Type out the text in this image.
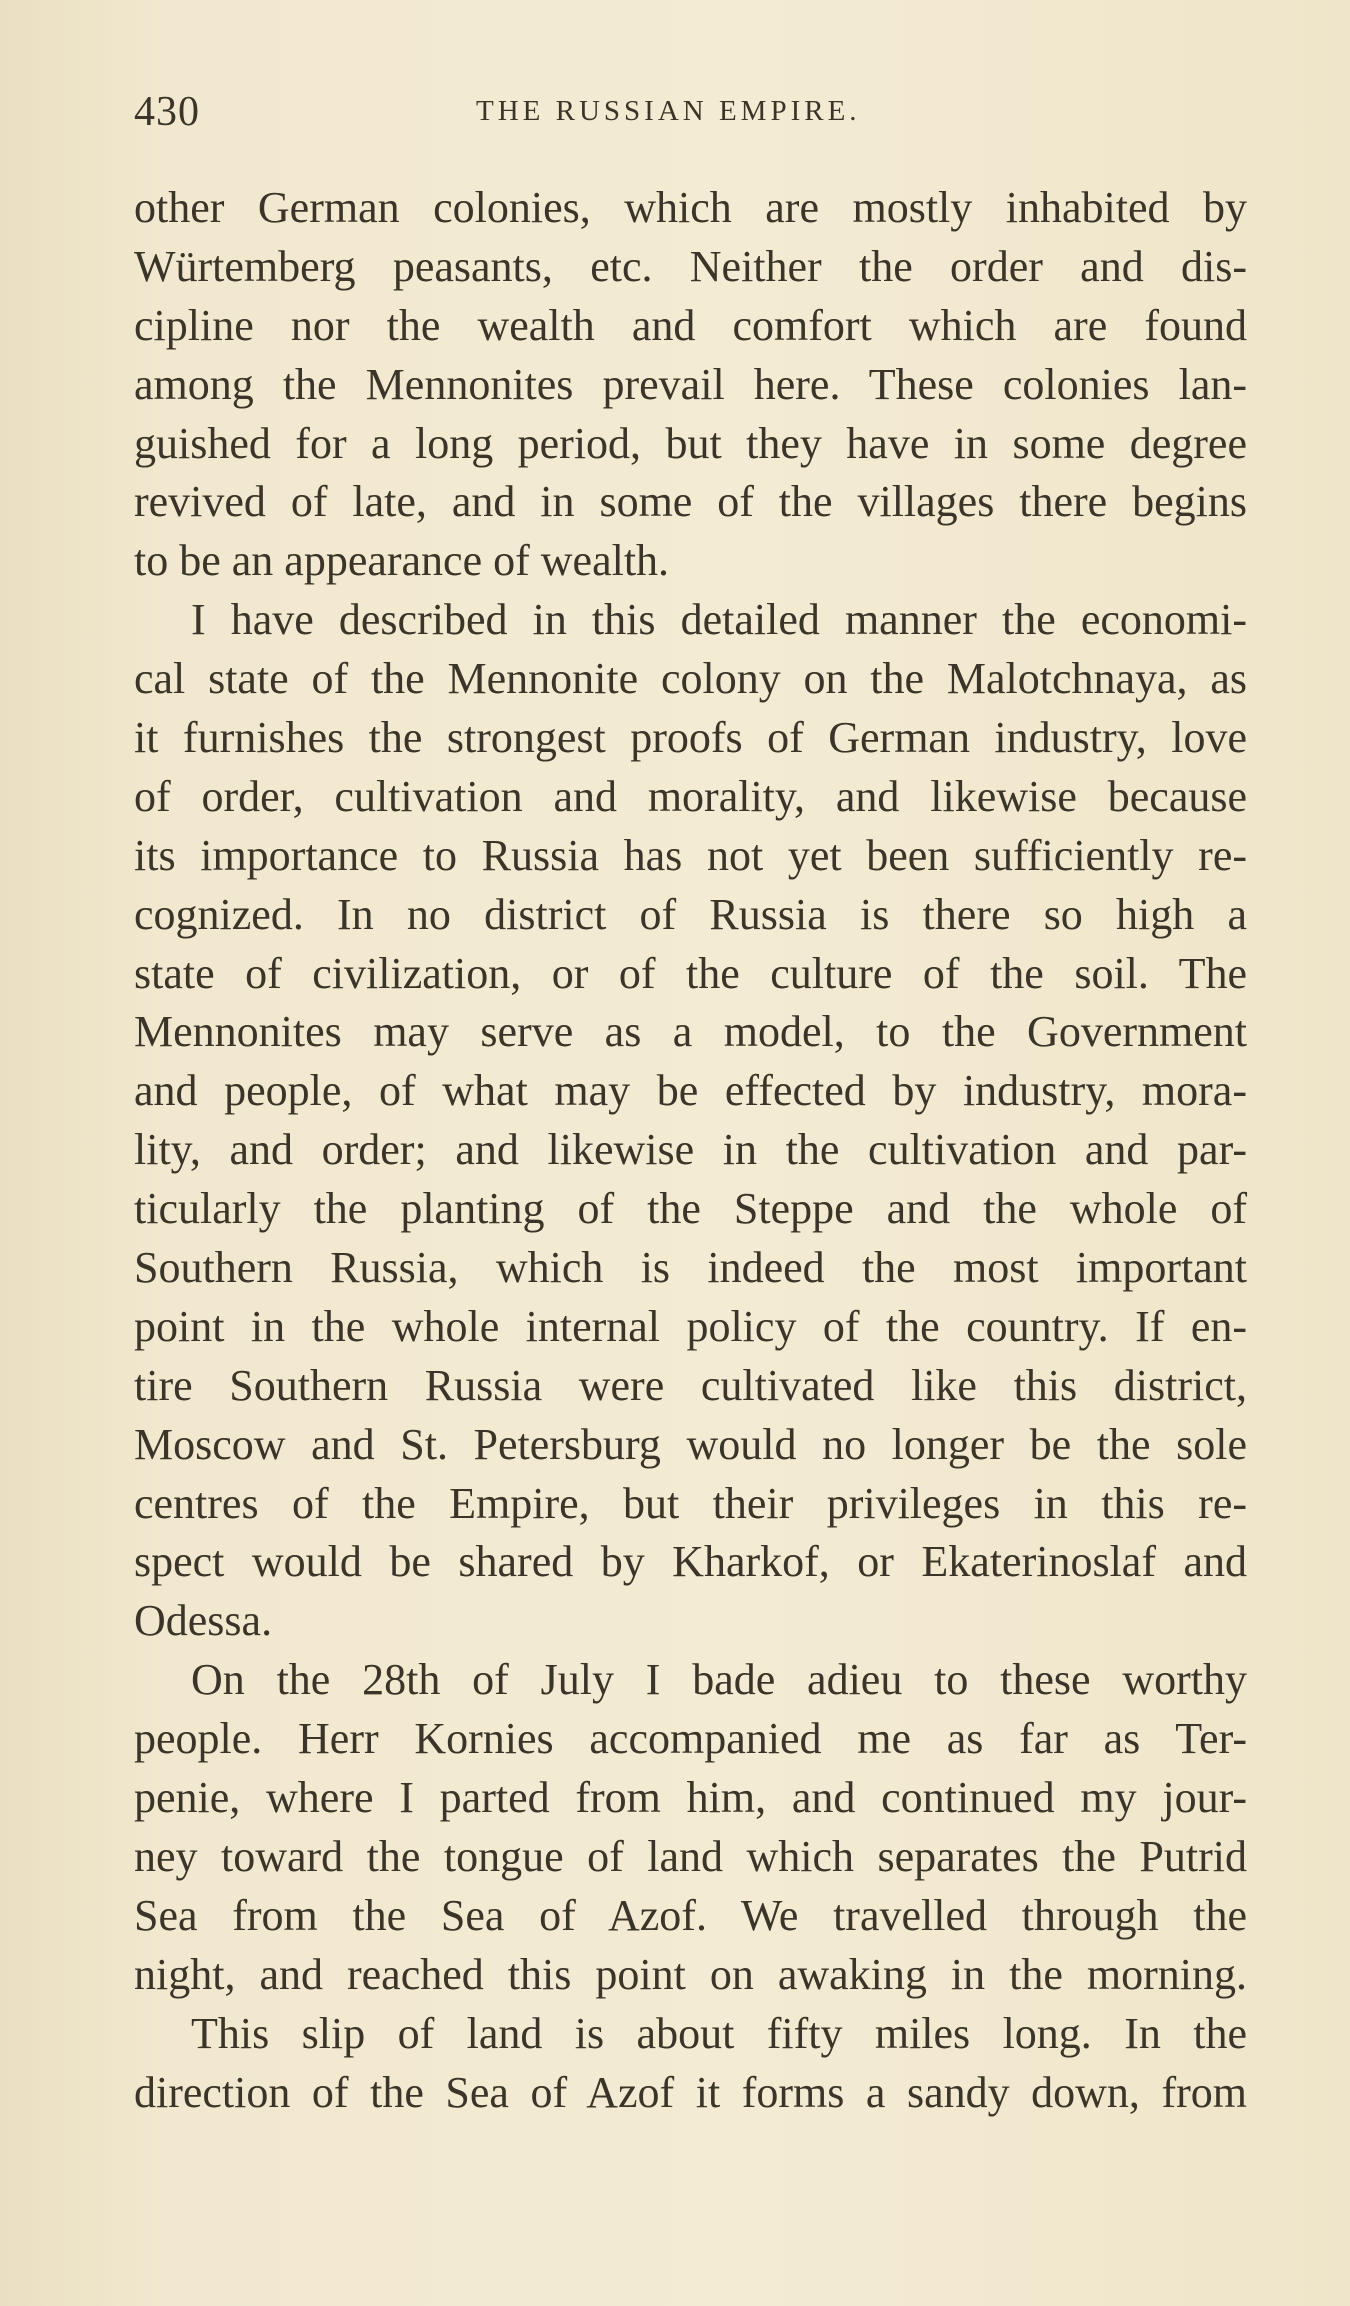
430	THE RUSSIAN EMPIRE.
other German colonies, which are mostly inhabited by
Würtemberg peasants, etc. Neither the order and dis-
cipline nor the wealth and comfort which are found
among the Mennonites prevail here. These colonies lan-
guished for a long period, but they have in some degree
revived of late, and in some of the villages there begins
to be an appearance of wealth.
I have described in this detailed manner the economi-
cal state of the Mennonite colony on the Malotchnaya, as
it furnishes the strongest proofs of German industry, love
of order, cultivation and morality, and likewise because
its importance to Russia has not yet been sufficiently re-
cognized. In no district of Russia is there so high a
state of civilization, or of the culture of the soil. The
Mennonites may serve as a model, to the Government
and people, of what may be effected by industry, mora-
lity, and order; and likewise in the cultivation and par-
ticularly the planting of the Steppe and the whole of
Southern Russia, which is indeed the most important
point in the whole internal policy of the country. If en-
tire Southern Russia were cultivated like this district,
Moscow and St. Petersburg would no longer be the sole
centres of the Empire, but their privileges in this re-
spect would be shared by Kharkof, or Ekaterinoslaf and
Odessa.
On the 28th of July I bade adieu to these worthy
people. Herr Kornies accompanied me as far as Ter-
penie, where I parted from him, and continued my jour-
ney toward the tongue of land which separates the Putrid
Sea from the Sea of Azof. We travelled through the
night, and reached this point on awaking in the morning.
This slip of land is about fifty miles long. In the
direction of the Sea of Azof it forms a sandy down, from
